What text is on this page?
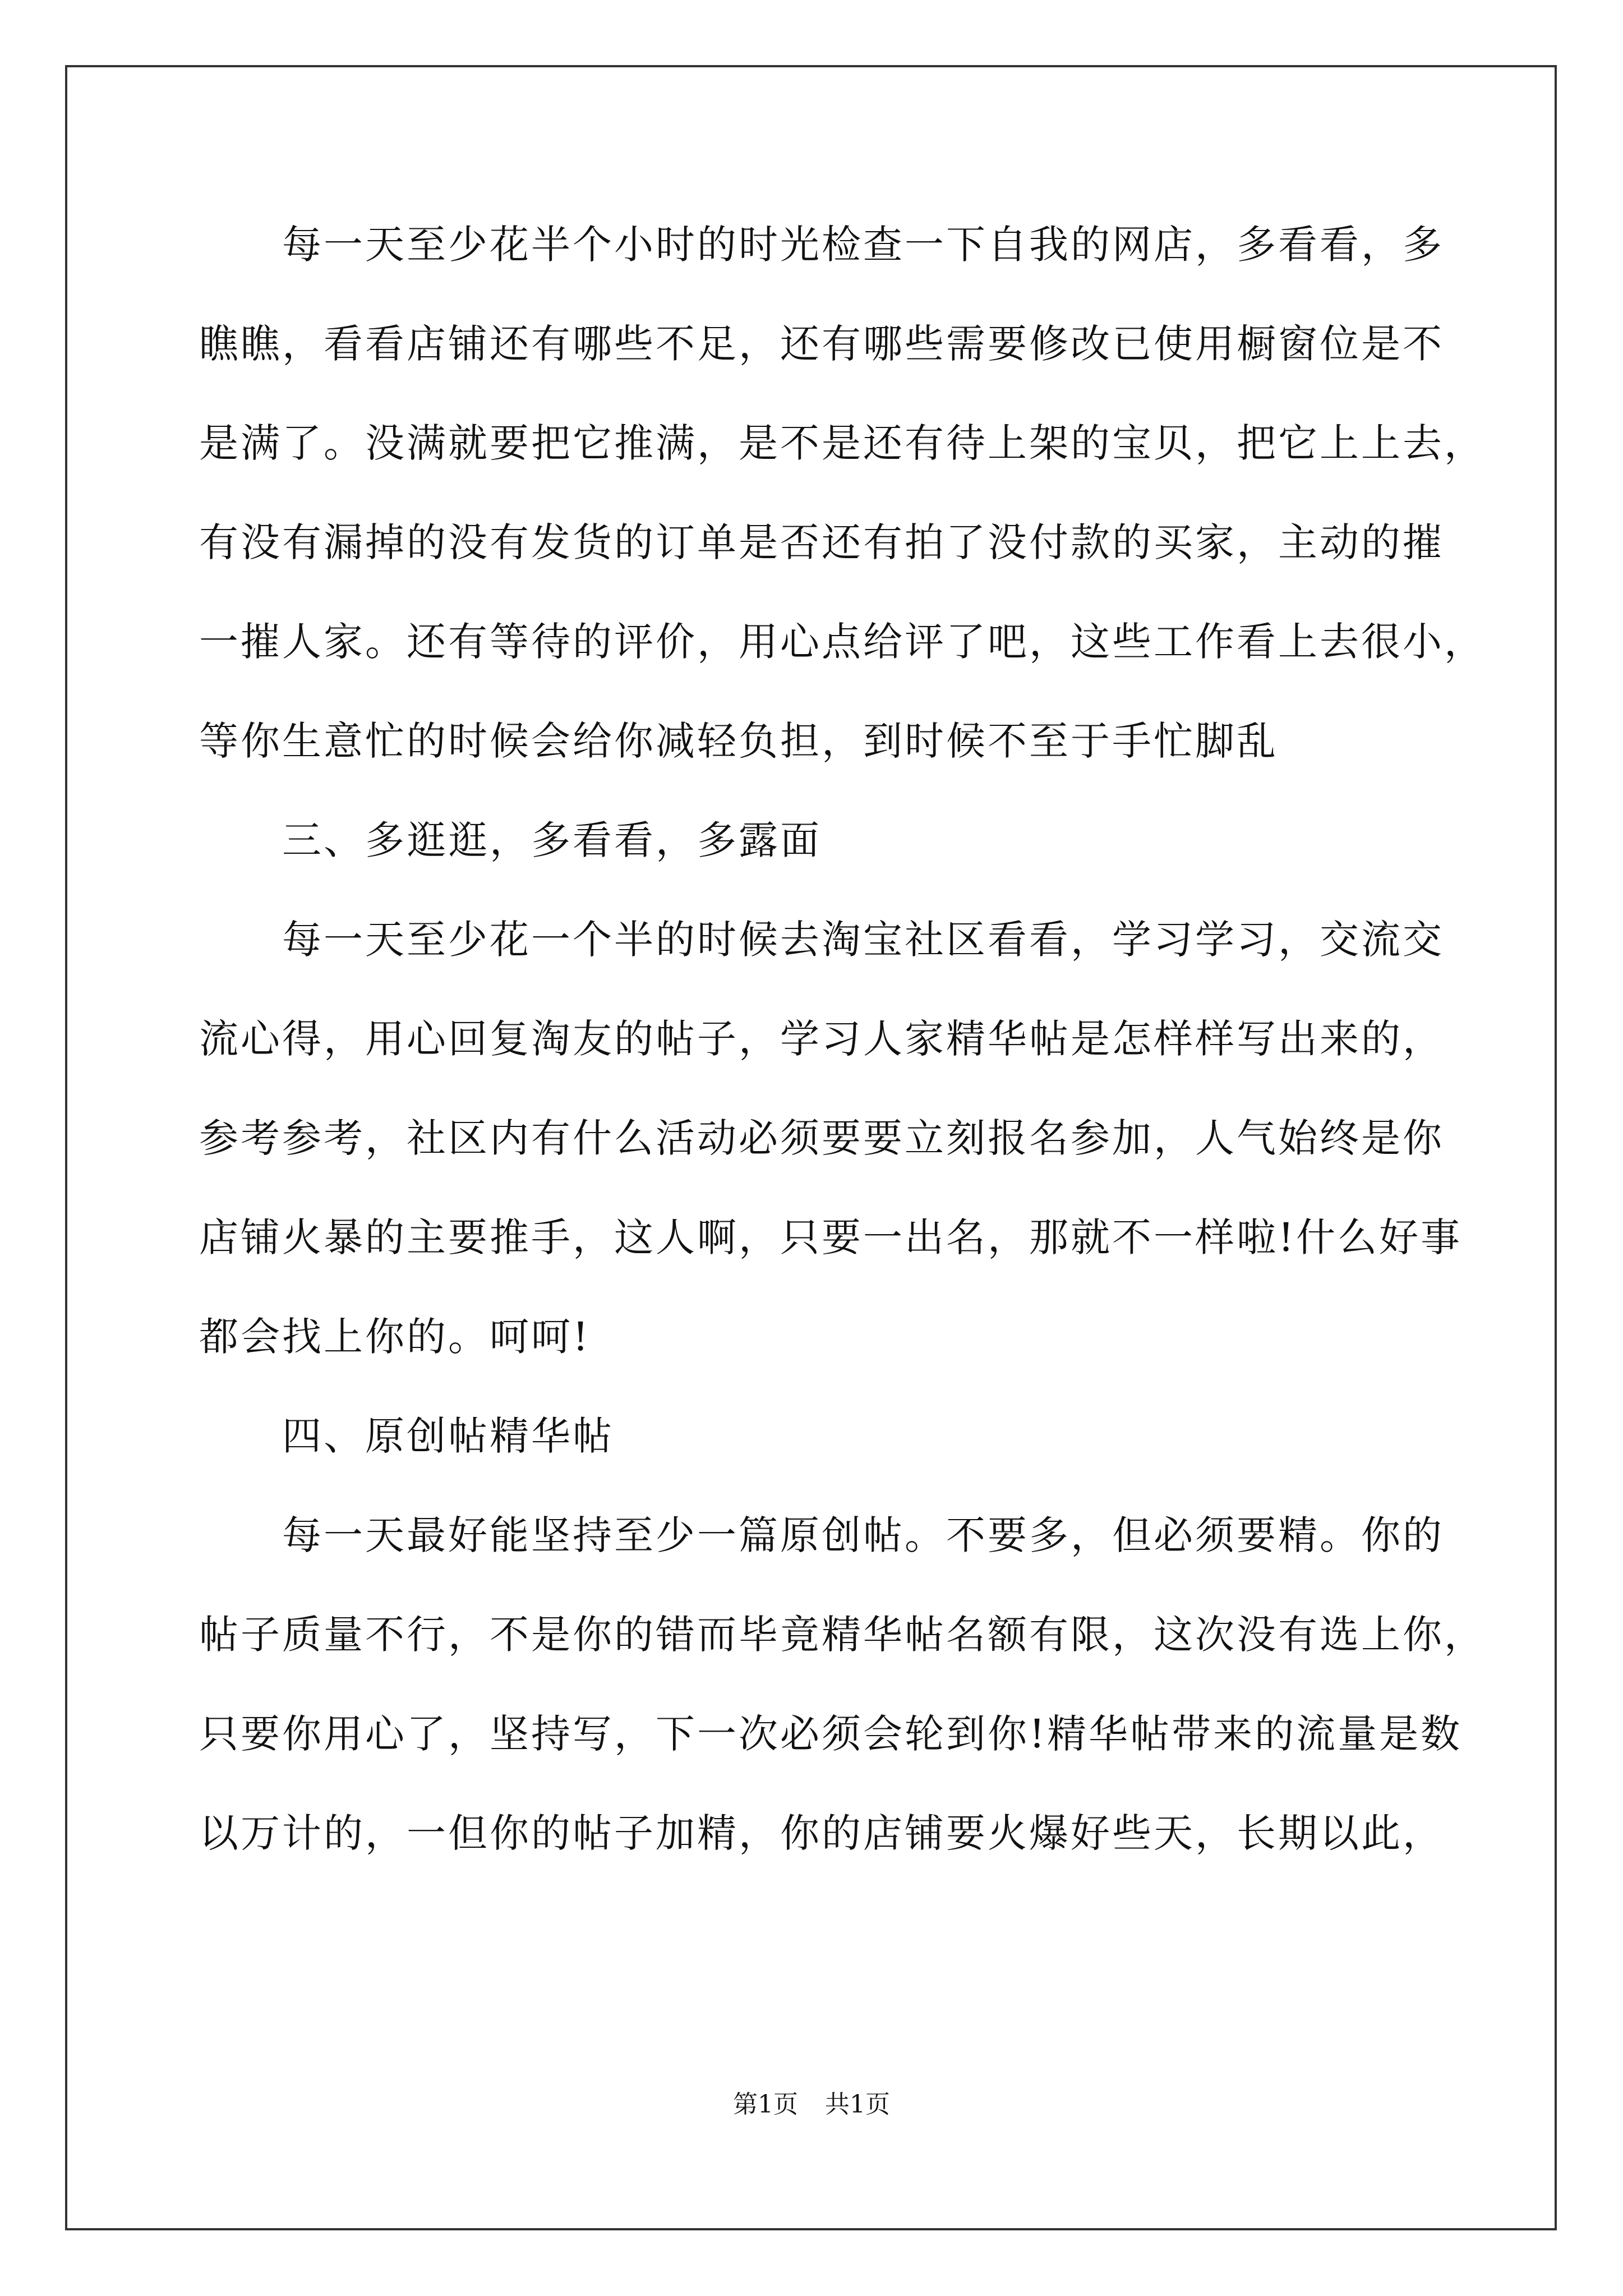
每一天至少花半个小时的时光检查一下自我的网店，多看看，多
瞧瞧，看看店铺还有哪些不足，还有哪些需要修改已使用橱窗位是不
是满了。没满就要把它推满，是不是还有待上架的宝贝，把它上上去，
有没有漏掉的没有发货的订单是否还有拍了没付款的买家，主动的摧
一摧人家。还有等待的评价，用心点给评了吧，这些工作看上去很小，
等你生意忙的时候会给你减轻负担，到时候不至于手忙脚乱
三、多逛逛，多看看，多露面
每一天至少花一个半的时候去淘宝社区看看，学习学习，交流交
流心得，用心回复淘友的帖子，学习人家精华帖是怎样样写出来的，
参考参考，社区内有什么活动必须要要立刻报名参加，人气始终是你
店铺火暴的主要推手，这人啊，只要一出名，那就不一样啦!什么好事
都会找上你的。呵呵!
四、原创帖精华帖
每一天最好能坚持至少一篇原创帖。不要多，但必须要精。你的
帖子质量不行，不是你的错而毕竟精华帖名额有限，这次没有选上你，
只要你用心了，坚持写，下一次必须会轮到你!精华帖带来的流量是数
以万计的，一但你的帖子加精，你的店铺要火爆好些天，长期以此，
第1页 共1页
